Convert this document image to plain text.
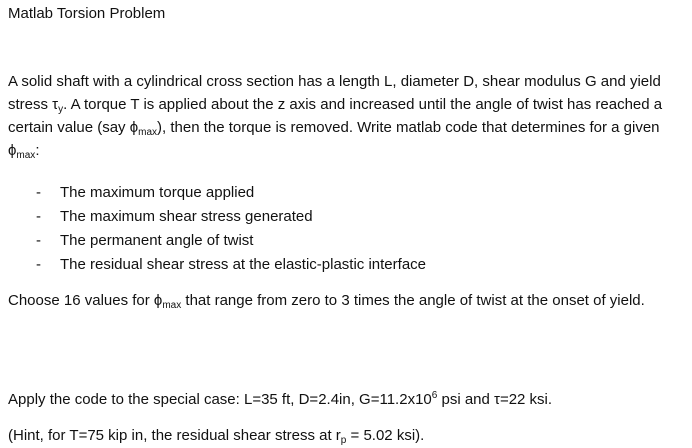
Matlab Torsion Problem
A solid shaft with a cylindrical cross section has a length L, diameter D, shear modulus G and yield stress $\tau_y$. A torque T is applied about the z axis and increased until the angle of twist has reached a certain value (say $\phi_{max}$), then the torque is removed. Write matlab code that determines for a given $\phi_{max}$:
- The maximum torque applied
- The maximum shear stress generated
- The permanent angle of twist
- The residual shear stress at the elastic-plastic interface
Choose 16 values for $\phi_{max}$ that range from zero to 3 times the angle of twist at the onset of yield.
Apply the code to the special case: L=35 ft, D=2.4in, $G=11.2x10^6$ psi and τ=22 ksi.
(Hint, for T=75 kip in, the residual shear stress at $r_p = 5.02$ ksi).
